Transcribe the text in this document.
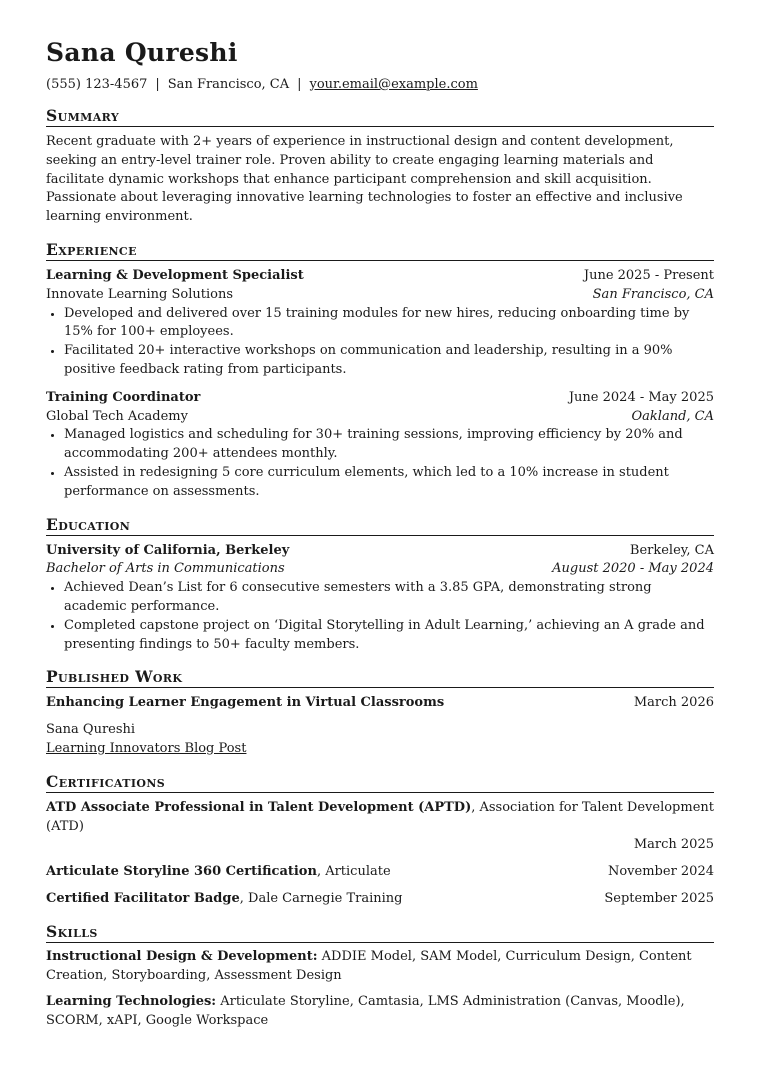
Sana Qureshi
(555) 123-4567 | San Francisco, CA | your.email@example.com
Summary

Recent graduate with 2+ years of experience in instructional design and content development, seeking an entry-level trainer role. Proven ability to create engaging learning materials and facilitate dynamic workshops that enhance participant comprehension and skill acquisition. Passionate about leveraging innovative learning technologies to foster an effective and inclusive learning environment.

Experience
Learning & Development Specialist	June 2025 - Present
Innovate Learning Solutions	San Francisco, CA
• Developed and delivered over 15 training modules for new hires, reducing onboarding time by 15% for 100+ employees.
• Facilitated 20+ interactive workshops on communication and leadership, resulting in a 90% positive feedback rating from participants.
Training Coordinator	June 2024 - May 2025
Global Tech Academy	Oakland, CA
• Managed logistics and scheduling for 30+ training sessions, improving efficiency by 20% and accommodating 200+ attendees monthly.
• Assisted in redesigning 5 core curriculum elements, which led to a 10% increase in student performance on assessments.
Education
University of California, Berkeley	Berkeley, CA
Bachelor of Arts in Communications	August 2020 - May 2024
• Achieved Dean’s List for 6 consecutive semesters with a 3.85 GPA, demonstrating strong academic performance.
• Completed capstone project on ‘Digital Storytelling in Adult Learning,’ achieving an A grade and presenting findings to 50+ faculty members.
Published Work
Enhancing Learner Engagement in Virtual Classrooms	March 2026
Sana Qureshi
Learning Innovators Blog Post
Certifications
ATD Associate Professional in Talent Development (APTD), Association for Talent Development (ATD)
March 2025
Articulate Storyline 360 Certification, Articulate	November 2024
Certified Facilitator Badge, Dale Carnegie Training	September 2025
Skills
Instructional Design & Development: ADDIE Model, SAM Model, Curriculum Design, Content Creation, Storyboarding, Assessment Design
Learning Technologies: Articulate Storyline, Camtasia, LMS Administration (Canvas, Moodle), SCORM, xAPI, Google Workspace
